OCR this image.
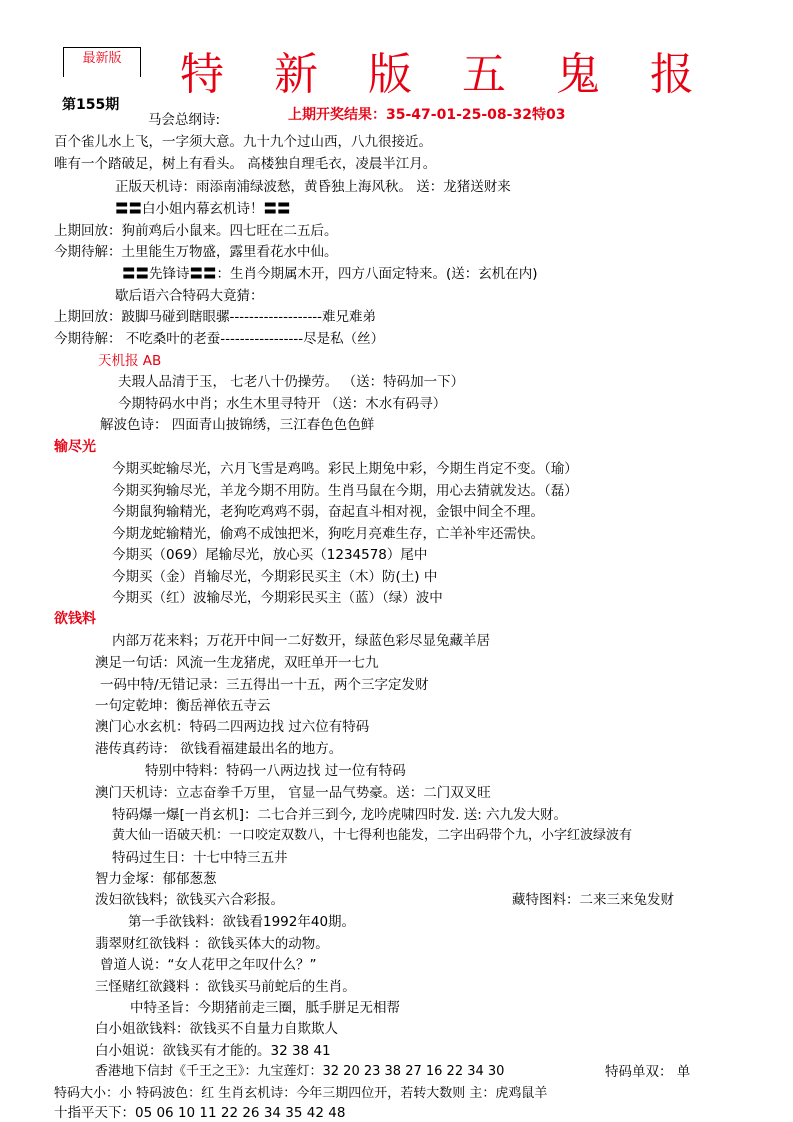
最新版	特 新 版 五 鬼 报
第155期
上期开奖结果：35-47-01-25-08-32特03
马会总纲诗:
百个雀儿水上飞，一字须大意。九十九个过山西，八九很接近。
唯有一个踏破足，树上有看头。 高楼独自理毛衣，凌晨半江月。
正版天机诗：雨添南浦绿波愁，黄昏独上海风秋。 送：龙猪送财来
〓〓白小姐内幕玄机诗！〓〓
上期回放：狗前鸡后小鼠来。四七旺在二五后。
今期待解：土里能生万物盛，露里看花水中仙。
〓〓先锋诗〓〓：生肖今期属木开，四方八面定特来。(送：玄机在内)
歇后语六合特码大竟猜：
上期回放：跛脚马碰到瞎眼骡-------------------难兄难弟
今期待解： 不吃桑叶的老蚕-----------------尽是私（丝）
天机报 AB
夫瑕人品清于玉， 七老八十仍操劳。 （送：特码加一下）
今期特码水中肖；水生木里寻特开 （送：木水有码寻）
解波色诗： 四面青山披锦绣，三江春色色色鲜
输尽光
今期买蛇输尽光，六月飞雪是鸡鸣。彩民上期兔中彩，今期生肖定不变。（瑜）
今期买狗输尽光，羊龙今期不用防。生肖马鼠在今期，用心去猜就发达。（磊）
今期鼠狗输精光，老狗吃鸡鸡不弱，奋起直斗相对视，金银中间全不理。
今期龙蛇输精光，偷鸡不成蚀把米，狗吃月亮难生存，亡羊补牢还需快。
今期买（069）尾输尽光，放心买（1234578）尾中
今期买（金）肖输尽光，今期彩民买主（木）防(土) 中
今期买（红）波输尽光，今期彩民买主（蓝）（绿）波中
欲钱料
内部万花来料；万花开中间一二好数开，绿蓝色彩尽显兔藏羊居
澳足一句话：风流一生龙猪虎，双旺单开一七九
一码中特/无错记录：三五得出一十五，两个三字定发财
一句定乾坤：衡岳禅依五寺云
澳门心水玄机：特码二四两边找 过六位有特码
港传真药诗： 欲钱看福建最出名的地方。
特别中特料：特码一八两边找 过一位有特码
澳门天机诗：立志奋拳千万里， 官显一品气势豪。送：二门双叉旺
特码爆一爆[一肖玄机]：二七合并三到今, 龙吟虎啸四时发. 送: 六九发大财。
黄大仙一语破天机：一口咬定双数八，十七得利也能发，二字出码带个九，小字红波绿波有
特码过生日：十七中特三五井
智力金塚：郁郁葱葱
泼妇欲钱料；欲钱买六合彩报。	藏特图料：二来三来兔发财
第一手欲钱料：欲钱看1992年40期。
翡翠财红欲钱料 ：欲钱买体大的动物。
曾道人说：“女人花甲之年叹什么？”
三怪赌红欲錢料 ：欲钱买马前蛇后的生肖。
中特圣旨：今期猪前走三圈，胝手胼足无相帮
白小姐欲钱料：欲钱买不自量力自欺欺人
白小姐说：欲钱买有才能的。32 38 41
香港地下信封《千王之王》：九宝莲灯：32 20 23 38 27 16 22 34 30	特码单双： 单
特码大小：小 特码波色：红 生肖玄机诗：今年三期四位开，若转大数则 主：虎鸡鼠羊
十指平天下：05 06 10 11 22 26 34 35 42 48
